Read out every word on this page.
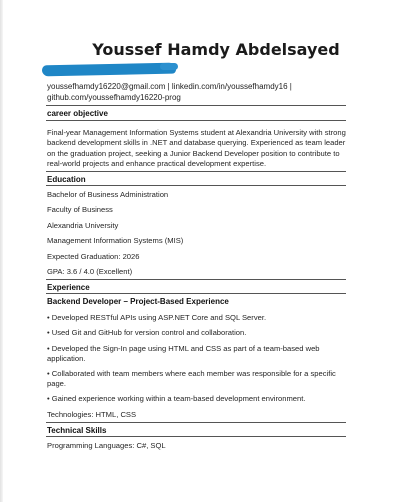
Youssef Hamdy Abdelsayed
youssefhamdy16220@gmail.com | linkedin.com/in/youssefhamdy16 |
github.com/youssefhamdy16220-prog
career objective
Final-year Management Information Systems student at Alexandria University with strong backend development skills in .NET and database querying. Experienced as team leader on the graduation project, seeking a Junior Backend Developer position to contribute to real-world projects and enhance practical development expertise.
Education
Bachelor of Business Administration
Faculty of Business
Alexandria University
Management Information Systems (MIS)
Expected Graduation: 2026
GPA: 3.6 / 4.0 (Excellent)
Experience
Backend Developer – Project-Based Experience
• Developed RESTful APIs using ASP.NET Core and SQL Server.
• Used Git and GitHub for version control and collaboration.
• Developed the Sign-In page using HTML and CSS as part of a team-based web application.
• Collaborated with team members where each member was responsible for a specific page.
• Gained experience working within a team-based development environment.
Technologies: HTML, CSS
Technical Skills
Programming Languages: C#, SQL
